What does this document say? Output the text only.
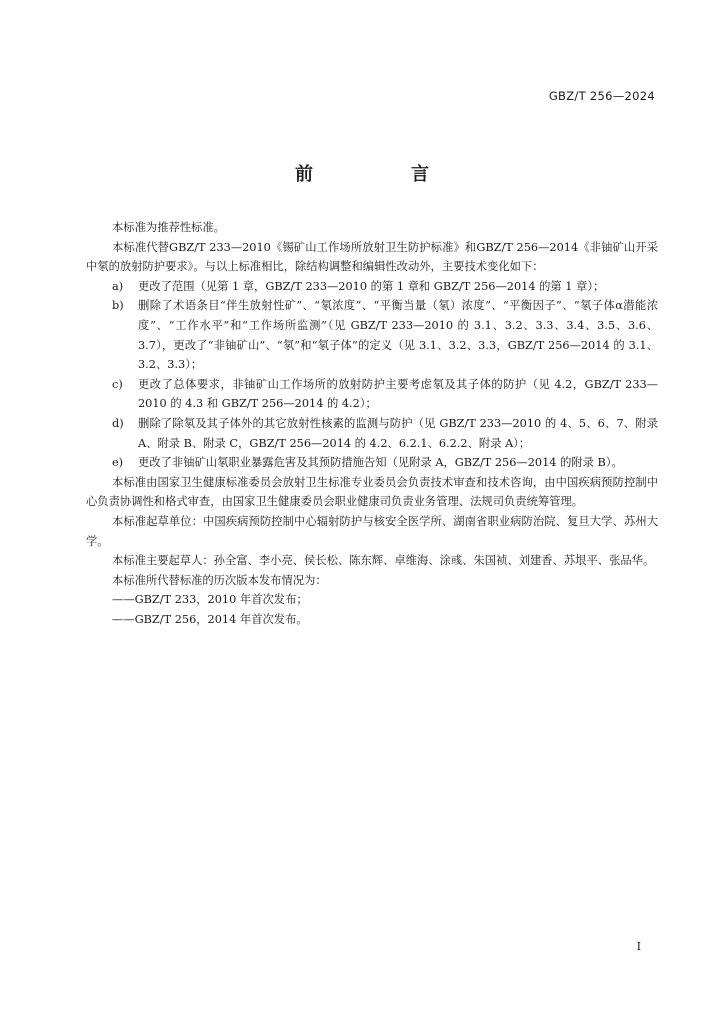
GBZ/T 256—2024
前　言

本标准为推荐性标准。

本标准代替GBZ/T 233—2010《锡矿山工作场所放射卫生防护标准》和GBZ/T 256—2014《非铀矿山开采中氡的放射防护要求》。与以上标准相比，除结构调整和编辑性改动外，主要技术变化如下：

a) 更改了范围（见第 1 章，GBZ/T 233—2010 的第 1 章和 GBZ/T 256—2014 的第 1 章）；
b) 删除了术语条目“伴生放射性矿”、“氡浓度”、“平衡当量（氡）浓度”、“平衡因子”、“氡子体α潜能浓度”、“工作水平”和“工作场所监测”（见 GBZ/T 233—2010 的 3.1、3.2、3.3、3.4、3.5、3.6、3.7），更改了“非铀矿山”、“氡”和“氡子体”的定义（见 3.1、3.2、3.3，GBZ/T 256—2014 的 3.1、3.2、3.3）；
c) 更改了总体要求，非铀矿山工作场所的放射防护主要考虑氡及其子体的防护（见 4.2，GBZ/T 233—2010 的 4.3 和 GBZ/T 256—2014 的 4.2）；
d) 删除了除氡及其子体外的其它放射性核素的监测与防护（见 GBZ/T 233—2010 的 4、5、6、7、附录 A、附录 B、附录 C，GBZ/T 256—2014 的 4.2、6.2.1、6.2.2、附录 A）；
e) 更改了非铀矿山氡职业暴露危害及其预防措施告知（见附录 A，GBZ/T 256—2014 的附录 B）。

本标准由国家卫生健康标准委员会放射卫生标准专业委员会负责技术审查和技术咨询，由中国疾病预防控制中心负责协调性和格式审查，由国家卫生健康委员会职业健康司负责业务管理、法规司负责统筹管理。

本标准起草单位：中国疾病预防控制中心辐射防护与核安全医学所、湖南省职业病防治院、复旦大学、苏州大学。

本标准主要起草人：孙全富、李小亮、侯长松、陈东辉、卓维海、涂彧、朱国祯、刘建香、苏垠平、张品华。

本标准所代替标准的历次版本发布情况为：

——GBZ/T 233，2010 年首次发布；

——GBZ/T 256，2014 年首次发布。

I
